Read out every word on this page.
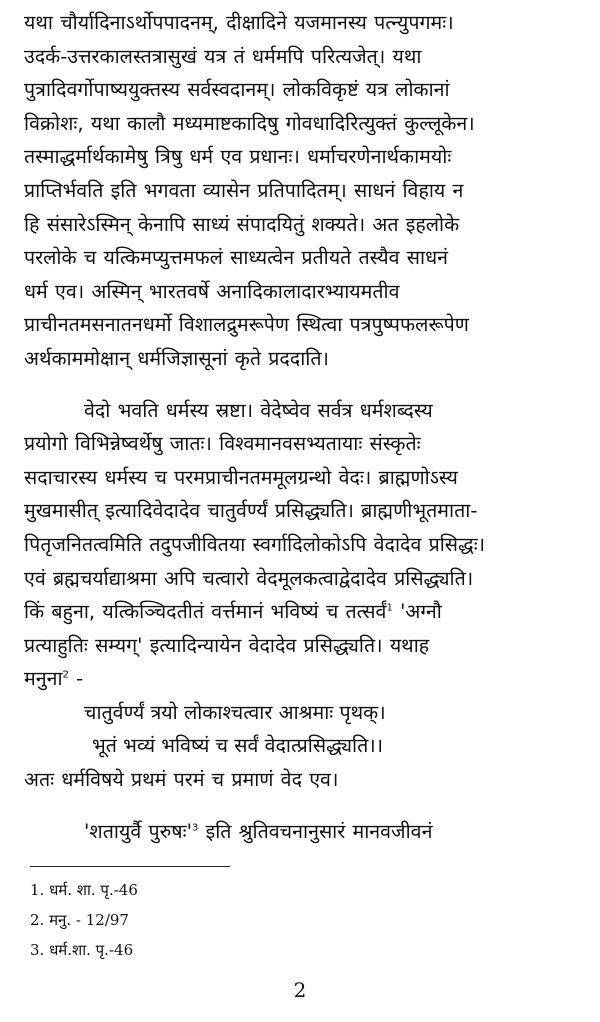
यथा चौर्यादिनाऽर्थोपपादनम्, दीक्षादिने यजमानस्य पत्न्युपगमः।
उदर्क-उत्तरकालस्तत्रासुखं यत्र तं धर्ममपि परित्यजेत्। यथा
पुत्रादिवर्गोपाष्ययुक्तस्य सर्वस्वदानम्। लोकविकृष्टं यत्र लोकानां
विक्रोशः, यथा कालौ मध्यमाष्टकादिषु गोवधादिरित्युक्तं कुल्लूकेन।
तस्माद्धर्मार्थकामेषु त्रिषु धर्म एव प्रधानः। धर्माचरणेनार्थकामयोः
प्राप्तिर्भवति इति भगवता व्यासेन प्रतिपादितम्। साधनं विहाय न
हि संसारेऽस्मिन् केनापि साध्यं संपादयितुं शक्यते। अत इहलोके
परलोके च यत्किमप्युत्तमफलं साध्यत्वेन प्रतीयते तस्यैव साधनं
धर्म एव। अस्मिन् भारतवर्षे अनादिकालादारभ्यायमतीव
प्राचीनतमसनातनधर्मो विशालद्रुमरूपेण स्थित्वा पत्रपुष्पफलरूपेण
अर्थकाममोक्षान् धर्मजिज्ञासूनां कृते प्रददाति।
वेदो भवति धर्मस्य स्रष्टा। वेदेष्वेव सर्वत्र धर्मशब्दस्य
प्रयोगो विभिन्नेष्वर्थेषु जातः। विश्वमानवसभ्यतायाः संस्कृतेः
सदाचारस्य धर्मस्य च परमप्राचीनतममूलग्रन्थो वेदः। ब्राह्मणोऽस्य
मुखमासीत् इत्यादिवेदादेव चातुर्वर्ण्यं प्रसिद्ध्यति। ब्राह्मणीभूतमाता-
पितृजनितत्वमिति तदुपजीवितया स्वर्गादिलोकोऽपि वेदादेव प्रसिद्धः।
एवं ब्रह्मचर्याद्याश्रमा अपि चत्वारो वेदमूलकत्वाद्वेदादेव प्रसिद्ध्यति।
किं बहुना, यत्किञ्चिदतीतं वर्त्तमानं भविष्यं च तत्सर्वं$^1$ 'अग्नौ
प्रत्याहुतिः सम्यग्' इत्यादिन्यायेन वेदादेव प्रसिद्ध्यति। यथाह
मनुना$^2$ -
चातुर्वर्ण्यं त्रयो लोकाश्चत्वार आश्रमाः पृथक्।
भूतं भव्यं भविष्यं च सर्वं वेदात्प्रसिद्ध्यति।।
अतः धर्मविषये प्रथमं परमं च प्रमाणं वेद एव।
'शतायुर्वै $पुरुषः'^3$ इति श्रुतिवचनानुसारं मानवजीवनं
1. धर्म. शा. पृ.-46
2. मनु. - 12/97
3. धर्म.शा. पृ.-46
2
